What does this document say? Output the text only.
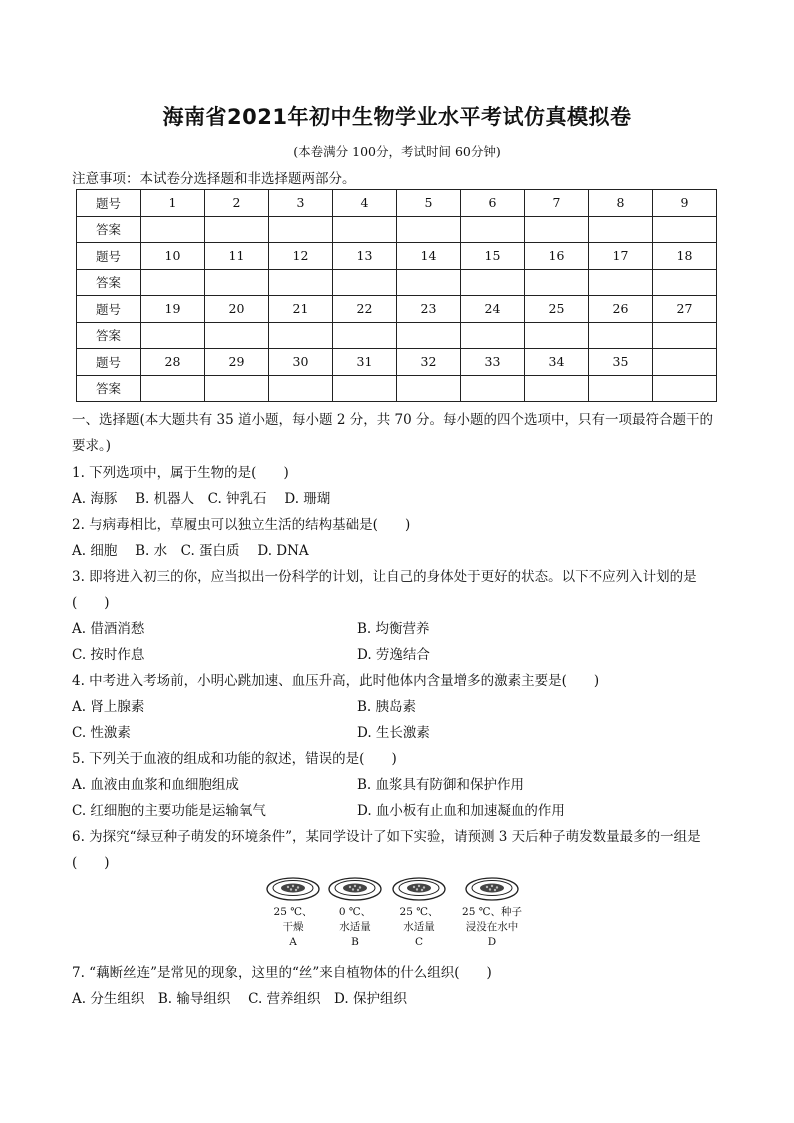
海南省2021年初中生物学业水平考试仿真模拟卷
(本卷满分 100分，考试时间 60分钟)
注意事项：本试卷分选择题和非选择题两部分。
题号	1	2	3	4	5	6	7	8	9
答案									
题号	10	11	12	13	14	15	16	17	18
答案									
题号	19	20	21	22	23	24	25	26	27
答案									
题号	28	29	30	31	32	33	34	35	
答案									
一、选择题(本大题共有 35 道小题，每小题 2 分，共 70 分。每小题的四个选项中，只有一项最符合题干的
要求。)
1. 下列选项中，属于生物的是(　　)
A. 海豚　 B. 机器人　C. 钟乳石　 D. 珊瑚
2. 与病毒相比，草履虫可以独立生活的结构基础是(　　)
A. 细胞　 B. 水　C. 蛋白质　 D. DNA
3. 即将进入初三的你，应当拟出一份科学的计划，让自己的身体处于更好的状态。以下不应列入计划的是
(　　)
A. 借酒消愁	B. 均衡营养
C. 按时作息	D. 劳逸结合
4. 中考进入考场前，小明心跳加速、血压升高，此时他体内含量增多的激素主要是(　　)
A. 肾上腺素	B. 胰岛素
C. 性激素	D. 生长激素
5. 下列关于血液的组成和功能的叙述，错误的是(　　)
A. 血液由血浆和血细胞组成	B. 血浆具有防御和保护作用
C. 红细胞的主要功能是运输氧气	D. 血小板有止血和加速凝血的作用
6. 为探究“绿豆种子萌发的环境条件”，某同学设计了如下实验，请预测 3 天后种子萌发数量最多的一组是
(　　)
25 ℃、
干燥
A
0 ℃、
水适量
B
25 ℃、
水适量
C
25 ℃、种子
浸没在水中
D
7. “藕断丝连”是常见的现象，这里的“丝”来自植物体的什么组织(　　)
A. 分生组织　B. 输导组织　 C. 营养组织　D. 保护组织
